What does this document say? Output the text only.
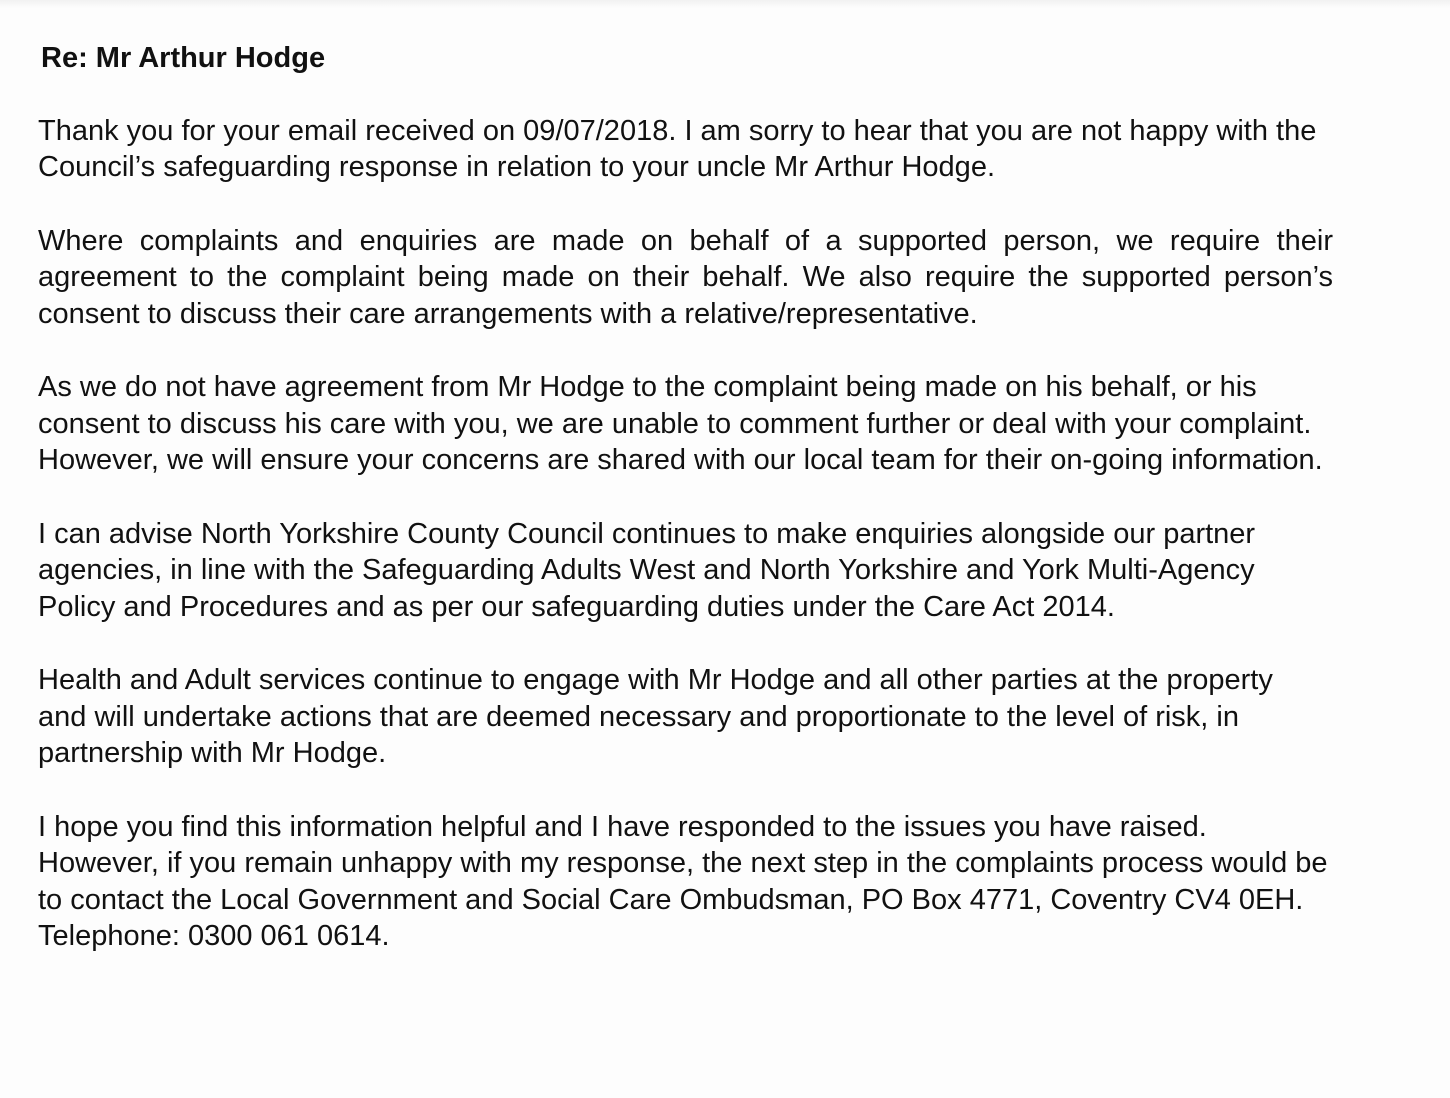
Re: Mr Arthur Hodge
Thank you for your email received on 09/07/2018. I am sorry to hear that you are not happy with the Council’s safeguarding response in relation to your uncle Mr Arthur Hodge.
Where complaints and enquiries are made on behalf of a supported person, we require their agreement to the complaint being made on their behalf. We also require the supported person’s consent to discuss their care arrangements with a relative/representative.
As we do not have agreement from Mr Hodge to the complaint being made on his behalf, or his consent to discuss his care with you, we are unable to comment further or deal with your complaint. However, we will ensure your concerns are shared with our local team for their on-going information.
I can advise North Yorkshire County Council continues to make enquiries alongside our partner agencies, in line with the Safeguarding Adults West and North Yorkshire and York Multi-Agency Policy and Procedures and as per our safeguarding duties under the Care Act 2014.
Health and Adult services continue to engage with Mr Hodge and all other parties at the property and will undertake actions that are deemed necessary and proportionate to the level of risk, in partnership with Mr Hodge.
I hope you find this information helpful and I have responded to the issues you have raised. However, if you remain unhappy with my response, the next step in the complaints process would be to contact the Local Government and Social Care Ombudsman, PO Box 4771, Coventry CV4 0EH. Telephone: 0300 061 0614.
